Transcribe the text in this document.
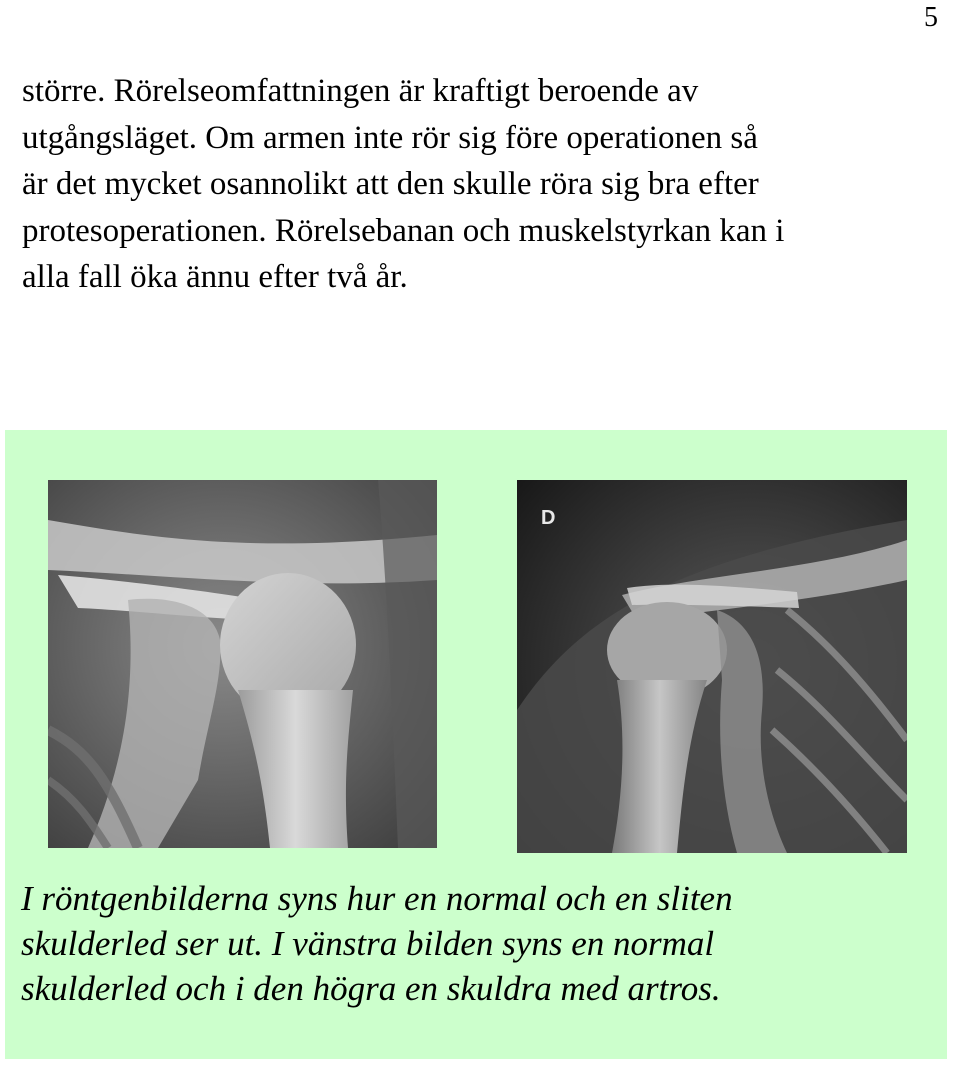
5

större. Rörelseomfattningen är kraftigt beroende av
utgångsläget. Om armen inte rör sig före operationen så
är det mycket osannolikt att den skulle röra sig bra efter
protesoperationen. Rörelsebanan och muskelstyrkan kan i
alla fall öka ännu efter två år.

D

I röntgenbilderna syns hur en normal och en sliten
skulderled ser ut. I vänstra bilden syns en normal
skulderled och i den högra en skuldra med artros.
